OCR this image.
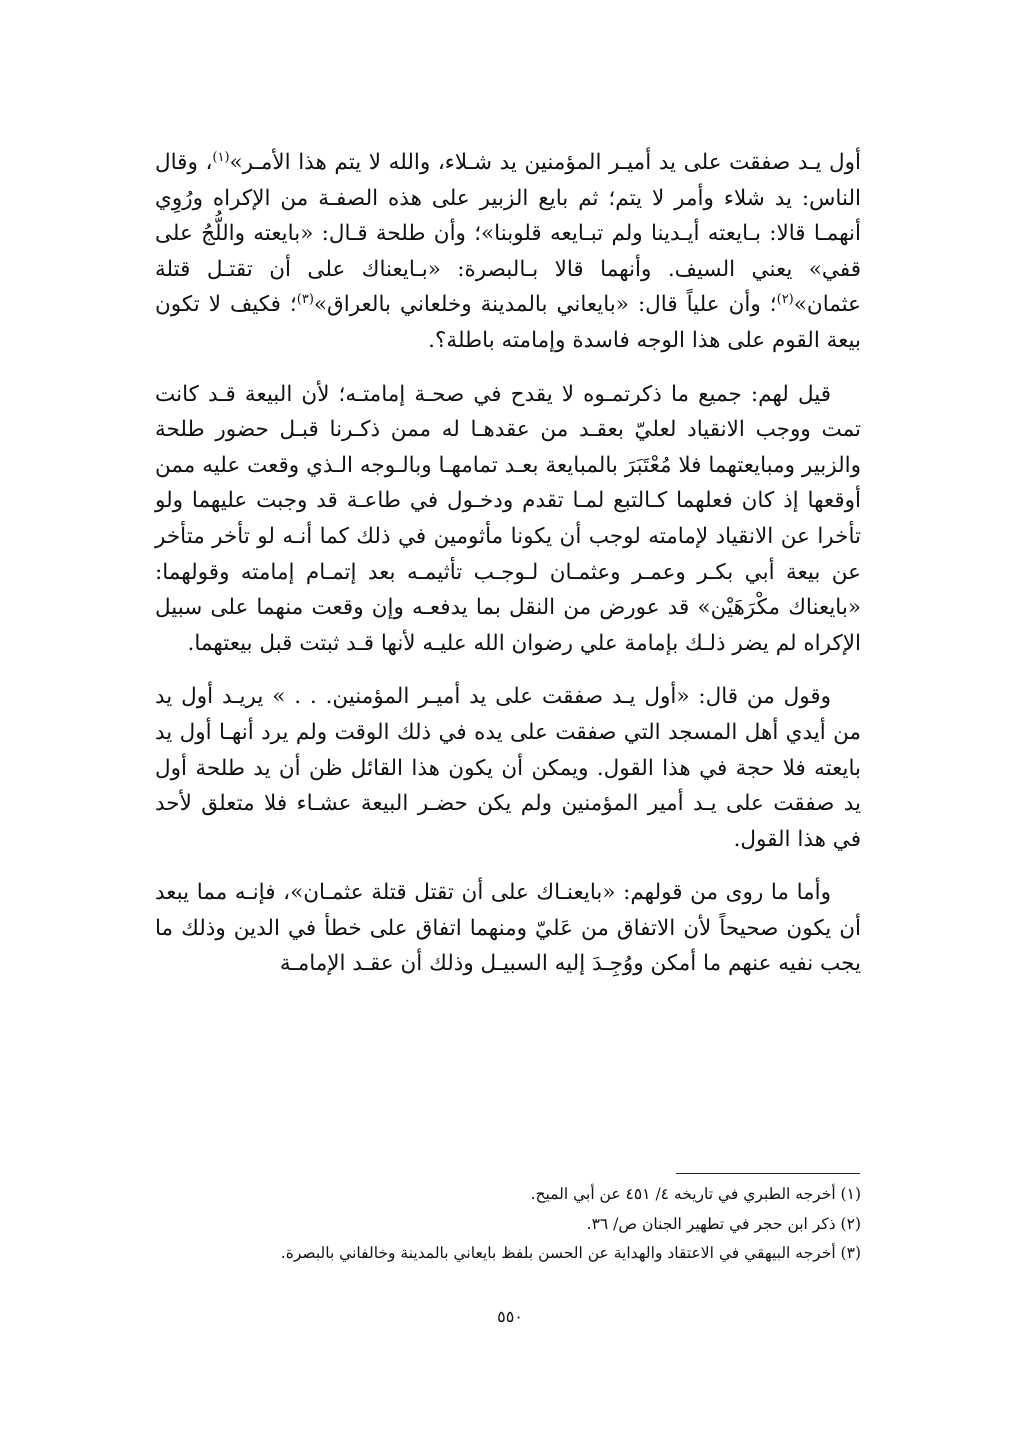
أول يـد صفقت على يد أميـر المؤمنين يد شـلاء، والله لا يتم هذا الأمـر»$^{(١)}$، وقال الناس: يد شلاء وأمر لا يتم؛ ثم بايع الزبير على هذه الصفـة من الإكراه ورُوِي أنهمـا قالا: بـايعته أيـدينا ولم تبـايعه قلوبنا»؛ وأن طلحة قـال: «بايعته واللُّجُ على قفي» يعني السيف. وأنهما قالا بـالبصرة: «بـايعناك على أن تقتـل قتلة عثمان»$^{(٢)}$؛ وأن علياً قال: «بايعاني بالمدينة وخلعاني بالعراق»$^{(٣)}$؛ فكيف لا تكون بيعة القوم على هذا الوجه فاسدة وإمامته باطلة؟.

قيل لهم: جميع ما ذكرتمـوه لا يقدح في صحـة إمامتـه؛ لأن البيعة قـد كانت تمت ووجب الانقياد لعليّ بعقـد من عقدهـا له ممن ذكـرنا قبـل حضور طلحة والزبير ومبايعتهما فلا مُعْتَبَرَ بالمبايعة بعـد تمامهـا وبالـوجه الـذي وقعت عليه ممن أوقعها إذ كان فعلهما كـالتبع لمـا تقدم ودخـول في طاعـة قد وجبت عليهما ولو تأخرا عن الانقياد لإمامته لوجب أن يكونا مأثومين في ذلك كما أنـه لو تأخر متأخر عن بيعة أبي بكـر وعمـر وعثمـان لـوجـب تأثيمـه بعد إتمـام إمامته وقولهما: «بايعناك مكْرَهَيْن» قد عورض من النقل بما يدفعـه وإن وقعت منهما على سبيل الإكراه لم يضر ذلـك بإمامة علي رضوان الله عليـه لأنها قـد ثبتت قبل بيعتهما.

وقول من قال: «أول يـد صفقت على يد أميـر المؤمنين. . . » يريـد أول يد من أيدي أهل المسجد التي صفقت على يده في ذلك الوقت ولم يرد أنهـا أول يد بايعته فلا حجة في هذا القول. ويمكن أن يكون هذا القائل ظن أن يد طلحة أول يد صفقت على يـد أمير المؤمنين ولم يكن حضـر البيعة عشـاء فلا متعلق لأحد في هذا القول.

وأما ما روى من قولهم: «بايعنـاك على أن تقتل قتلة عثمـان»، فإنـه مما يبعد أن يكون صحيحاً لأن الاتفاق من عَليّ ومنهما اتفاق على خطأ في الدين وذلك ما يجب نفيه عنهم ما أمكن ووُجِـدَ إليه السبيـل وذلك أن عقـد الإمامـة

(١) أخرجه الطبري في تاريخه ٤/ ٤٥١ عن أبي الميح.

(٢) ذكر ابن حجر في تطهير الجنان ص/ ٣٦.

(٣) أخرجه البيهقي في الاعتقاد والهداية عن الحسن بلفظ بايعاني بالمدينة وخالفاني بالبصرة.

٥٥٠
